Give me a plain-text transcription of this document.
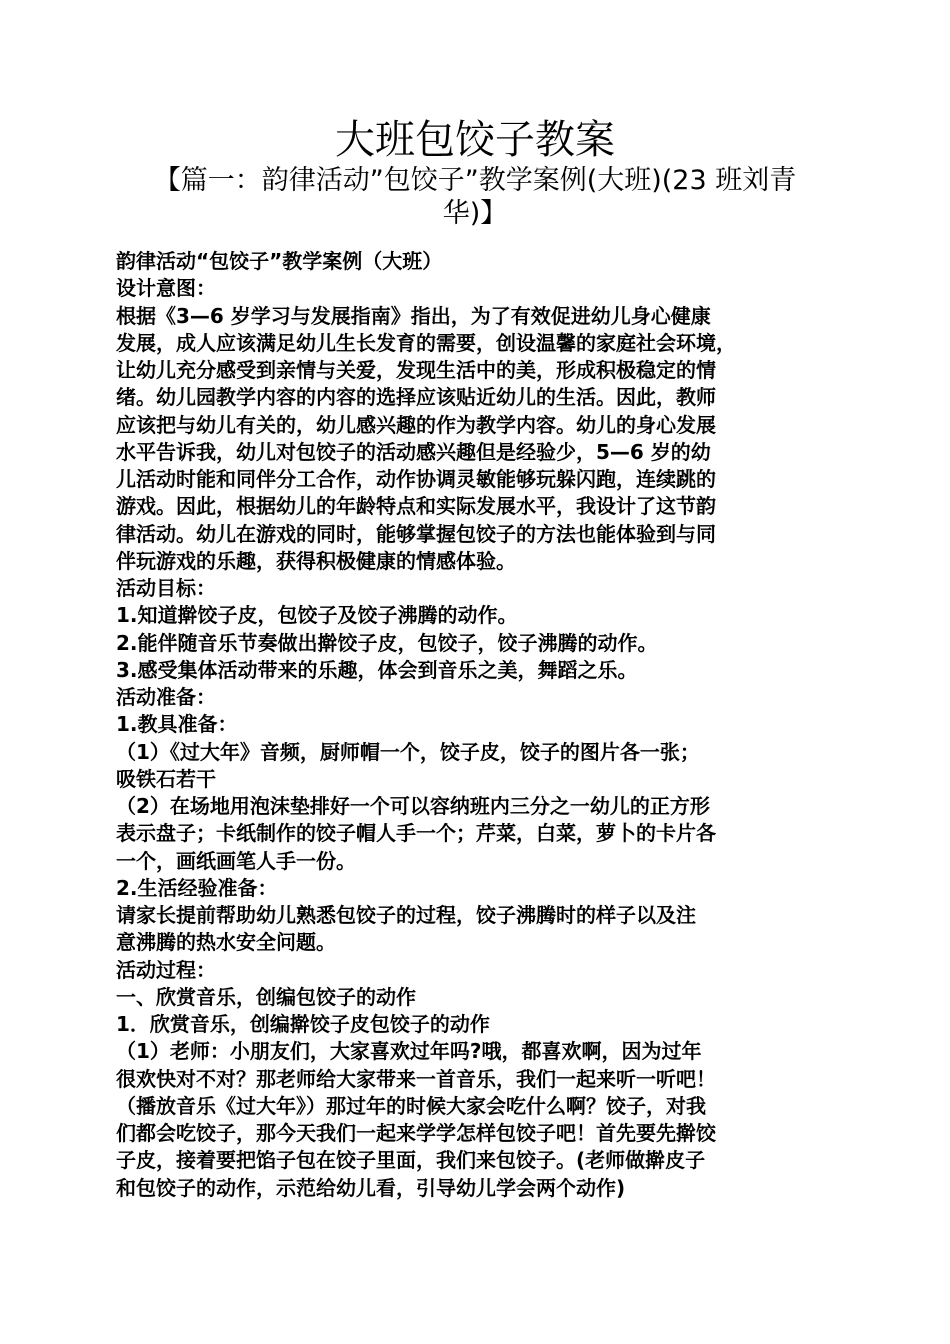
大班包饺子教案

【篇一：韵律活动”包饺子”教学案例(大班)(23 班刘青华)】

韵律活动“包饺子”教学案例（大班）
设计意图：
根据《3—6 岁学习与发展指南》指出，为了有效促进幼儿身心健康
发展，成人应该满足幼儿生长发育的需要，创设温馨的家庭社会环境，
让幼儿充分感受到亲情与关爱，发现生活中的美，形成积极稳定的情
绪。幼儿园教学内容的内容的选择应该贴近幼儿的生活。因此，教师
应该把与幼儿有关的，幼儿感兴趣的作为教学内容。幼儿的身心发展
水平告诉我，幼儿对包饺子的活动感兴趣但是经验少，5—6 岁的幼
儿活动时能和同伴分工合作，动作协调灵敏能够玩躲闪跑，连续跳的
游戏。因此，根据幼儿的年龄特点和实际发展水平，我设计了这节韵
律活动。幼儿在游戏的同时，能够掌握包饺子的方法也能体验到与同
伴玩游戏的乐趣，获得积极健康的情感体验。
活动目标：
1.知道擀饺子皮，包饺子及饺子沸腾的动作。
2.能伴随音乐节奏做出擀饺子皮，包饺子，饺子沸腾的动作。
3.感受集体活动带来的乐趣，体会到音乐之美，舞蹈之乐。
活动准备：
1.教具准备：
（1）《过大年》音频，厨师帽一个，饺子皮，饺子的图片各一张；
吸铁石若干
（2）在场地用泡沫垫排好一个可以容纳班内三分之一幼儿的正方形
表示盘子；卡纸制作的饺子帽人手一个；芹菜，白菜，萝卜的卡片各
一个，画纸画笔人手一份。
2.生活经验准备：
请家长提前帮助幼儿熟悉包饺子的过程，饺子沸腾时的样子以及注
意沸腾的热水安全问题。
活动过程：
一、欣赏音乐，创编包饺子的动作
1．欣赏音乐，创编擀饺子皮包饺子的动作
（1）老师：小朋友们，大家喜欢过年吗?哦，都喜欢啊，因为过年
很欢快对不对？那老师给大家带来一首音乐，我们一起来听一听吧！
（播放音乐《过大年》）那过年的时候大家会吃什么啊？饺子，对我
们都会吃饺子，那今天我们一起来学学怎样包饺子吧！首先要先擀饺
子皮，接着要把馅子包在饺子里面，我们来包饺子。(老师做擀皮子
和包饺子的动作，示范给幼儿看，引导幼儿学会两个动作)
